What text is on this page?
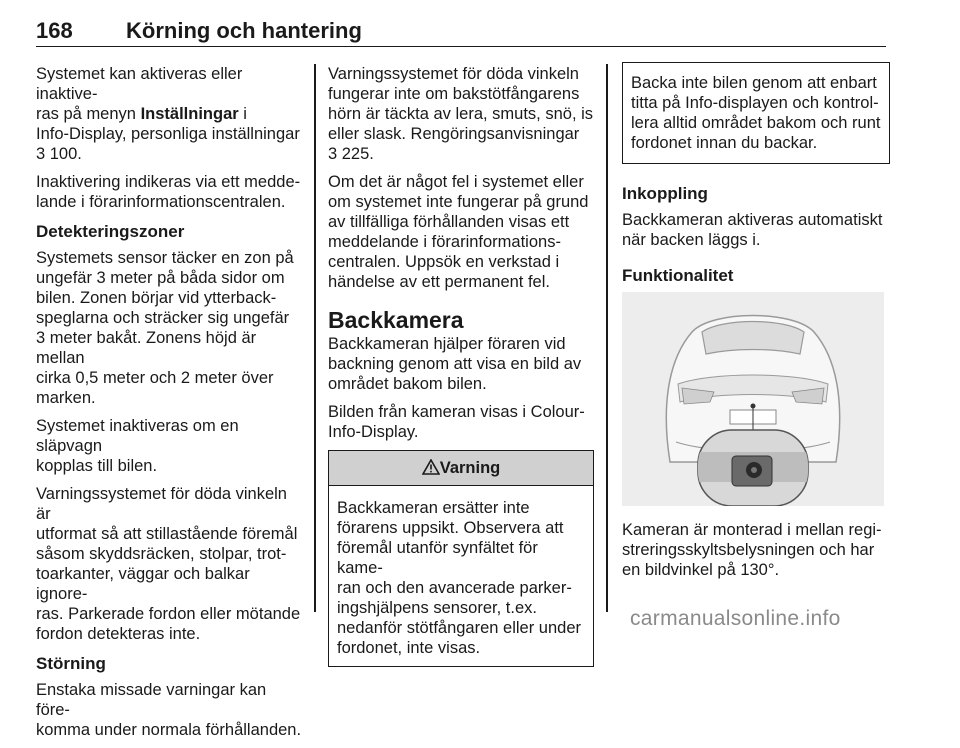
168 Körning och hantering

Systemet kan aktiveras eller inaktive-
ras på menyn Inställningar i
Info-Display, personliga inställningar
3 100.

Inaktivering indikeras via ett medde-
lande i förarinformationscentralen.

Detekteringszoner

Systemets sensor täcker en zon på
ungefär 3 meter på båda sidor om
bilen. Zonen börjar vid ytterback-
speglarna och sträcker sig ungefär
3 meter bakåt. Zonens höjd är mellan
cirka 0,5 meter och 2 meter över
marken.

Systemet inaktiveras om en släpvagn
kopplas till bilen.

Varningssystemet för döda vinkeln är
utformat så att stillastående föremål
såsom skyddsräcken, stolpar, trot-
toarkanter, väggar och balkar ignore-
ras. Parkerade fordon eller mötande
fordon detekteras inte.

Störning

Enstaka missade varningar kan före-
komma under normala förhållanden.

Varningssystemet för döda vinkeln
fungerar inte om bakstötfångarens
hörn är täckta av lera, smuts, snö, is
eller slask. Rengöringsanvisningar
3 225.

Om det är något fel i systemet eller
om systemet inte fungerar på grund
av tillfälliga förhållanden visas ett
meddelande i förarinformations-
centralen. Uppsök en verkstad i
händelse av ett permanent fel.

Backkamera

Backkameran hjälper föraren vid
backning genom att visa en bild av
området bakom bilen.

Bilden från kameran visas i Colour-
Info-Display.

Varning

Backkameran ersätter inte
förarens uppsikt. Observera att
föremål utanför synfältet för kame-
ran och den avancerade parker-
ingshjälpens sensorer, t.ex.
nedanför stötfångaren eller under
fordonet, inte visas.

Backa inte bilen genom att enbart
titta på Info-displayen och kontrol-
lera alltid området bakom och runt
fordonet innan du backar.

Inkoppling

Backkameran aktiveras automatiskt
när backen läggs i.

Funktionalitet

Kameran är monterad i mellan regi-
streringsskyltsbelysningen och har
en bildvinkel på 130°.

carmanualsonline.info
